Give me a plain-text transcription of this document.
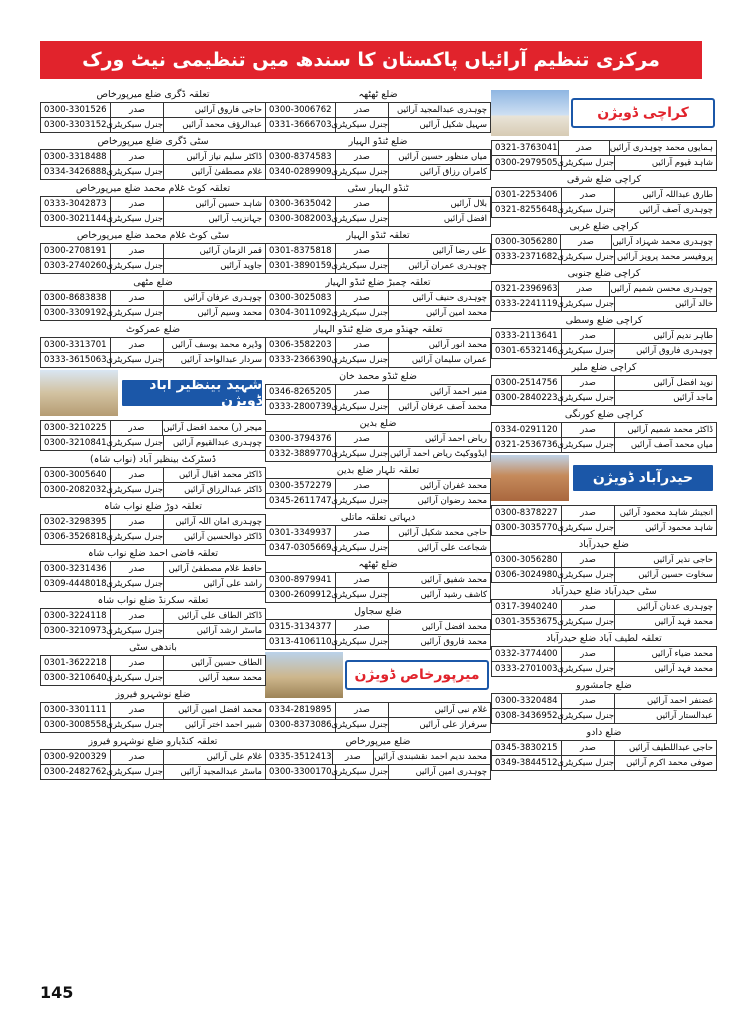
مرکزی تنظیم آرائیاں پاکستان کا سندھ میں تنظیمی نیٹ ورک
کراچی ڈویژن
0321-3763041	صدر	ہمایوں محمد چوہدری آرائیں
0300-2979505 جنرل سیکریٹری	شاہد قیوم آرائیں
کراچی ضلع شرقی
0301-2253406	صدر	طارق عبداللہ آرائیں
0321-8255648 جنرل سیکریٹری	چوہدری آصف آرائیں
کراچی ضلع غربی
0300-3056280	صدر	چوہدری محمد شہزاد آرائیں
0333-2371682 جنرل سیکریٹری پروفیسر محمد پرویز آرائیں
کراچی ضلع جنوبی
0321-2396963	صدر	چوہدری محسن شمیم آرائیں
0333-2241119 جنرل سیکریٹری	خالد آرائیں
کراچی ضلع وسطی
0333-2113641	صدر	طاہر ندیم آرائیں
0301-6532146 جنرل سیکریٹری	چوہدری فاروق آرائیں
کراچی ضلع ملیر
0300-2514756	صدر	نوید افضل آرائیں
0300-2840223 جنرل سیکریٹری	ماجد آرائیں
کراچی ضلع کورنگی
0334-0291120	صدر	ڈاکٹر محمد شمیم آرائیں
0321-2536736 جنرل سیکریٹری	میاں محمد آصف آرائیں
حیدرآباد ڈویژن
0300-8378227	صدر	انجینئر شاہد محمود آرائیں
0300-3035770 جنرل سیکریٹری	شاہد محمود آرائیں
ضلع حیدرآباد
0300-3056280	صدر	حاجی نذیر آرائیں
0306-3024980 جنرل سیکریٹری	سخاوت حسین آرائیں
سٹی حیدرآباد ضلع حیدرآباد
0317-3940240	صدر	چوہدری عدنان آرائیں
0301-3553675 جنرل سیکریٹری	محمد فہد آرائیں
تعلقہ لطیف آباد ضلع حیدرآباد
0332-3774400	صدر	محمد ضیاء آرائیں
0333-2701003 جنرل سیکریٹری	محمد فہد آرائیں
ضلع جامشورو
0300-3320484	صدر	غضنفر احمد آرائیں
0308-3436952 جنرل سیکریٹری	عبدالستار آرائیں
ضلع دادو
0345-3830215	صدر	حاجی عبداللطیف آرائیں
0349-3844512 جنرل سیکریٹری	صوفی محمد اکرم آرائیں
ضلع ٹھٹھہ
0300-3006762	صدر	چوہدری عبدالمجید آرائیں
0331-3666703 جنرل سیکریٹری	سہیل شکیل آرائیں
ضلع ٹنڈو الہیار
0300-8374583	صدر	میاں منظور حسین آرائیں
0340-0289909 جنرل سیکریٹری	کامران رزاق آرائیں
ٹنڈو الہیار سٹی
0300-3635042	صدر	بلال آرائیں
0300-3082003 جنرل سیکریٹری	افضل آرائیں
تعلقہ ٹنڈو الہیار
0301-8375818	صدر	علی رضا آرائیں
0301-3890159 جنرل سیکریٹری	چوہدری عمران آرائیں
تعلقہ چمبڑ ضلع ٹنڈو الہیار
0300-3025083	صدر	چوہدری حنیف آرائیں
0304-3011092 جنرل سیکریٹری	محمد امین آرائیں
تعلقہ جھنڈو مری ضلع ٹنڈو الہیار
0306-3582203	صدر	محمد انور آرائیں
0333-2366390 جنرل سیکریٹری	عمران سلیمان آرائیں
ضلع ٹنڈو محمد خان
0346-8265205	صدر	منیر احمد آرائیں
0333-2800739 جنرل سیکریٹری	محمد آصف عرفان آرائیں
ضلع بدین
0300-3794376	صدر	ریاض احمد آرائیں
0332-3889770 جنرل سیکریٹری ایڈووکیٹ ریاض احمد آرائیں
تعلقہ تلہار ضلع بدین
0300-3572279	صدر	محمد غفران آرائیں
0345-2611747 جنرل سیکریٹری	محمد رضوان آرائیں
دیہاتی تعلقہ ماتلی
0301-3349937	صدر	حاجی محمد شکیل آرائیں
0347-0305669 جنرل سیکریٹری	شجاعت علی آرائیں
ضلع ٹھٹھہ
0300-8979941	صدر	محمد شفیق آرائیں
0300-2609912 جنرل سیکریٹری	کاشف رشید آرائیں
ضلع سجاول
0315-3134377	صدر	محمد افضل آرائیں
0313-4106110 جنرل سیکریٹری	محمد فاروق آرائیں
میرپورخاص ڈویژن
0334-2819895	صدر	غلام نبی آرائیں
0300-8373086 جنرل سیکریٹری	سرفراز علی آرائیں
ضلع میرپورخاص
0335-3512413	صدر	محمد ندیم احمد نقشبندی آرائیں
0300-3300170 جنرل سیکریٹری	چوہدری امین آرائیں
تعلقہ ڈگری ضلع میرپورخاص
0300-3301526	صدر	حاجی فاروق آرائیں
0300-3303152 جنرل سیکریٹری	عبدالرؤف محمد آرائیں
سٹی ڈگری ضلع میرپورخاص
0300-3318488	صدر	ڈاکٹر سلیم نیاز آرائیں
0334-3426888 جنرل سیکریٹری	غلام مصطفیٰ آرائیں
تعلقہ کوٹ غلام محمد ضلع میرپورخاص
0333-3042873	صدر	شاہد حسین آرائیں
0300-3021144 جنرل سیکریٹری	جہانزیب آرائیں
سٹی کوٹ غلام محمد ضلع میرپورخاص
0300-2708191	صدر	قمر الزمان آرائیں
0303-2740260 جنرل سیکریٹری	جاوید آرائیں
ضلع مٹھی
0300-8683838	صدر	چوہدری عرفان آرائیں
0300-3309192 جنرل سیکریٹری	محمد وسیم آرائیں
ضلع عمرکوٹ
0300-3313701	صدر	وڈیرہ محمد یوسف آرائیں
0333-3615063 جنرل سیکریٹری	سردار عبدالواحد آرائیں
شہید بینظیر آباد ڈویژن
0300-3210225	صدر	میجر (ر) محمد افضل آرائیں
0300-3210841 جنرل سیکریٹری	چوہدری عبدالقیوم آرائیں
ڈسٹرکٹ بینظیر آباد (نواب شاہ)
0300-3005640	صدر	ڈاکٹر محمد اقبال آرائیں
0300-2082032 جنرل سیکریٹری	ڈاکٹر عبدالرزاق آرائیں
تعلقہ دوڑ ضلع نواب شاہ
0302-3298395	صدر	چوہدری امان اللہ آرائیں
0306-3526818 جنرل سیکریٹری	ڈاکٹر ذوالحسین آرائیں
تعلقہ قاضی احمد ضلع نواب شاہ
0300-3231436	صدر	حافظ غلام مصطفیٰ آرائیں
0309-4448018 جنرل سیکریٹری	راشد علی آرائیں
تعلقہ سکرنڈ ضلع نواب شاہ
0300-3224118	صدر	ڈاکٹر الطاف علی آرائیں
0300-3210973 جنرل سیکریٹری	ماسٹر ارشد آرائیں
باندھی سٹی
0301-3622218	صدر	الطاف حسین آرائیں
0300-3210640 جنرل سیکریٹری	محمد سعید آرائیں
ضلع نوشہرو فیروز
0300-3301111	صدر	محمد افضل امین آرائیں
0300-3008558 جنرل سیکریٹری	شبیر احمد اختر آرائیں
تعلقہ کنڈیارو ضلع نوشہرو فیروز
0300-9200329	صدر	غلام علی آرائیں
0300-2482762 جنرل سیکریٹری	ماسٹر عبدالمجید آرائیں
145
